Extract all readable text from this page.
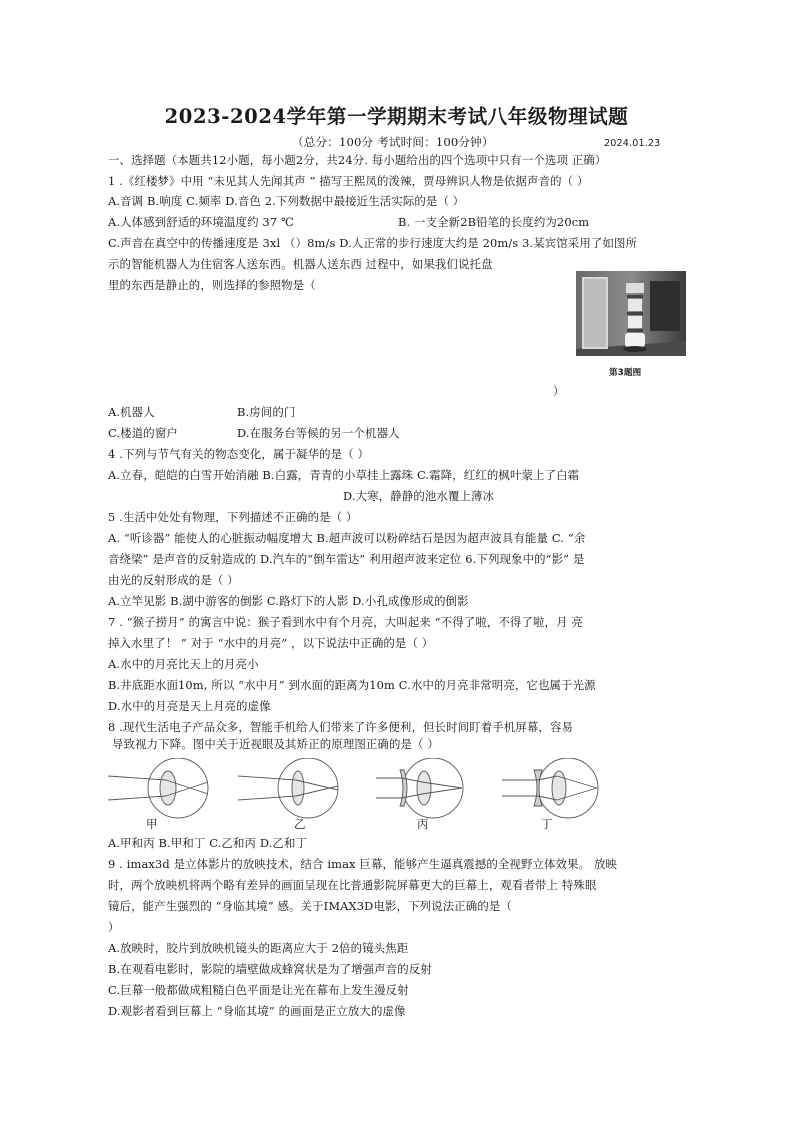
2023-2024学年第一学期期末考试八年级物理试题
（总分：100分 考试时间：100分钟）	2024.01.23
一、选择题（本题共12小题，每小题2分，共24分. 每小题给出的四个选项中只有一个选项 正确）
1 .《红楼梦》中用 “未见其人先闻其声 ” 描写王熙凤的泼辣，贾母辨识人物是依据声音的（ ）
A.音调 B.响度 C.频率 D.音色 2.下列数据中最接近生活实际的是（ ）
A.人体感到舒适的环境温度约 37 ℃	B. 一支全新2B铅笔的长度约为20cm
C.声音在真空中的传播速度是 3xl （）8m/s D.人正常的步行速度大约是 20m/s 3.某宾馆采用了如图所
示的智能机器人为住宿客人送东西。机器人送东西 过程中，如果我们说托盘
里的东西是静止的，则选择的参照物是（
第3题图
）
A.机器人	B.房间的门
C.楼道的窗户	D.在服务台等候的另一个机器人
4 .下列与节气有关的物态变化，属于凝华的是（ ）
A.立春，皑皑的白雪开始消融 B.白露，青青的小草挂上露珠 C.霜降，红红的枫叶蒙上了白霜
D.大寒，静静的池水覆上薄冰
5 .生活中处处有物理，下列描述不正确的是（ ）
A. “听诊器” 能使人的心脏振动幅度增大 B.超声波可以粉碎结石是因为超声波具有能量 C. “余
音绕梁” 是声音的反射造成的 D.汽车的“倒车雷达” 利用超声波来定位 6.下列现象中的“影” 是
由光的反射形成的是（ ）
A.立竿见影 B.湖中游客的倒影 C.路灯下的人影 D.小孔成像形成的倒影
7 . “猴子捞月” 的寓言中说：猴子看到水中有个月亮，大叫起来 “不得了啦，不得了啦，月 亮
掉入水里了！ ” 对于 “水中的月亮” ，以下说法中正确的是（ ）
A.水中的月亮比天上的月亮小
B.井底距水面10m, 所以 “水中月” 到水面的距离为10m C.水中的月亮非常明亮，它也属于光源
D.水中的月亮是天上月亮的虚像
8 .现代生活电子产品众多，智能手机给人们带来了许多便利，但长时间盯着手机屏幕，容易
导致视力下降。图中关于近视眼及其矫正的原理图正确的是（ ）
甲	乙	丙	丁
A.甲和丙 B.甲和丁 C.乙和丙 D.乙和丁
9 . imax3d 是立体影片的放映技术，结合 imax 巨幕，能够产生逼真震撼的全视野立体效果。 放映
时，两个放映机将两个略有差异的画面呈现在比普通影院屏幕更大的巨幕上，观看者带上 特殊眼
镜后，能产生强烈的 “身临其境” 感。关于IMAX3D电影，下列说法正确的是（
）
A.放映时，胶片到放映机镜头的距离应大于 2倍的镜头焦距
B.在观看电影时，影院的墙壁做成蜂窝状是为了增强声音的反射
C.巨幕一般都做成粗糙白色平面是让光在幕布上发生漫反射
D.观影者看到巨幕上 “身临其境” 的画面是正立放大的虚像
